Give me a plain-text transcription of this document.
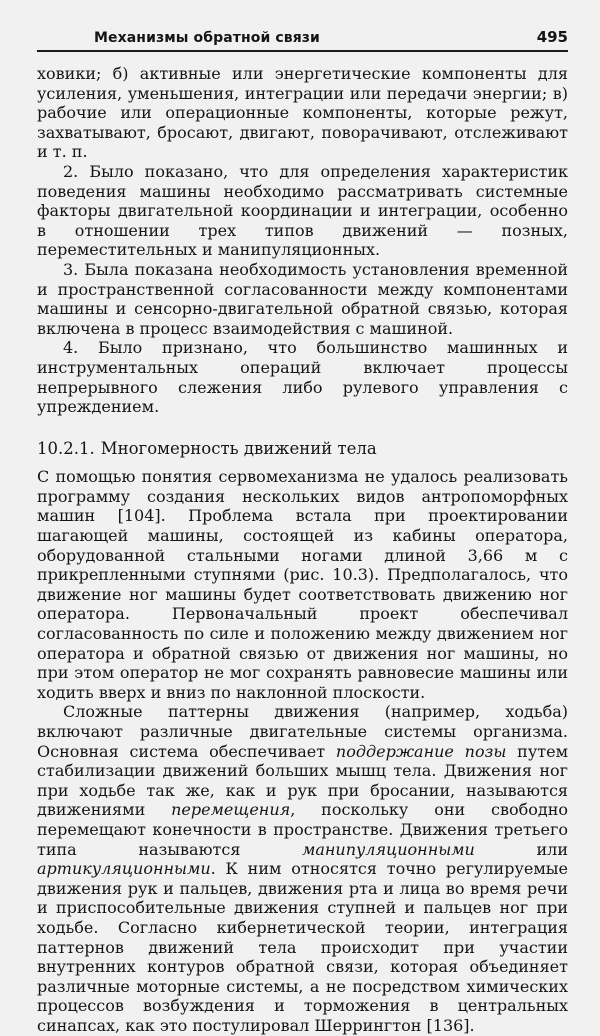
Механизмы обратной связи	495

ховики; б) активные или энергетические компоненты для усиления, уменьшения, интеграции или передачи энергии; в) рабочие или операционные компоненты, которые режут, захватывают, бросают, двигают, поворачивают, отслеживают и т. п.

2. Было показано, что для определения характеристик поведения машины необходимо рассматривать системные факторы двигательной координации и интеграции, особенно в отношении трех типов движений — позных, переместительных и манипуляционных.

3. Была показана необходимость установления временной и пространственной согласованности между компонентами машины и сенсорно-двигательной обратной связью, которая включена в процесс взаимодействия с машиной.

4. Было признано, что большинство машинных и инструментальных операций включает процессы непрерывного слежения либо рулевого управления с упреждением.

10.2.1. Многомерность движений тела

С помощью понятия сервомеханизма не удалось реализовать программу создания нескольких видов антропоморфных машин [104]. Проблема встала при проектировании шагающей машины, состоящей из кабины оператора, оборудованной стальными ногами длиной 3,66 м с прикрепленными ступнями (рис. 10.3). Предполагалось, что движение ног машины будет соответствовать движению ног оператора. Первоначальный проект обеспечивал согласованность по силе и положению между движением ног оператора и обратной связью от движения ног машины, но при этом оператор не мог сохранять равновесие машины или ходить вверх и вниз по наклонной плоскости.

Сложные паттерны движения (например, ходьба) включают различные двигательные системы организма. Основная система обеспечивает поддержание позы путем стабилизации движений больших мышц тела. Движения ног при ходьбе так же, как и рук при бросании, называются движениями перемещения, поскольку они свободно перемещают конечности в пространстве. Движения третьего типа называются манипуляционными или артикуляционными. К ним относятся точно регулируемые движения рук и пальцев, движения рта и лица во время речи и приспособительные движения ступней и пальцев ног при ходьбе. Согласно кибернетической теории, интеграция паттернов движений тела происходит при участии внутренних контуров обратной связи, которая объединяет различные моторные системы, а не посредством химических процессов возбуждения и торможения в центральных синапсах, как это постулировал Шеррингтон [136].
